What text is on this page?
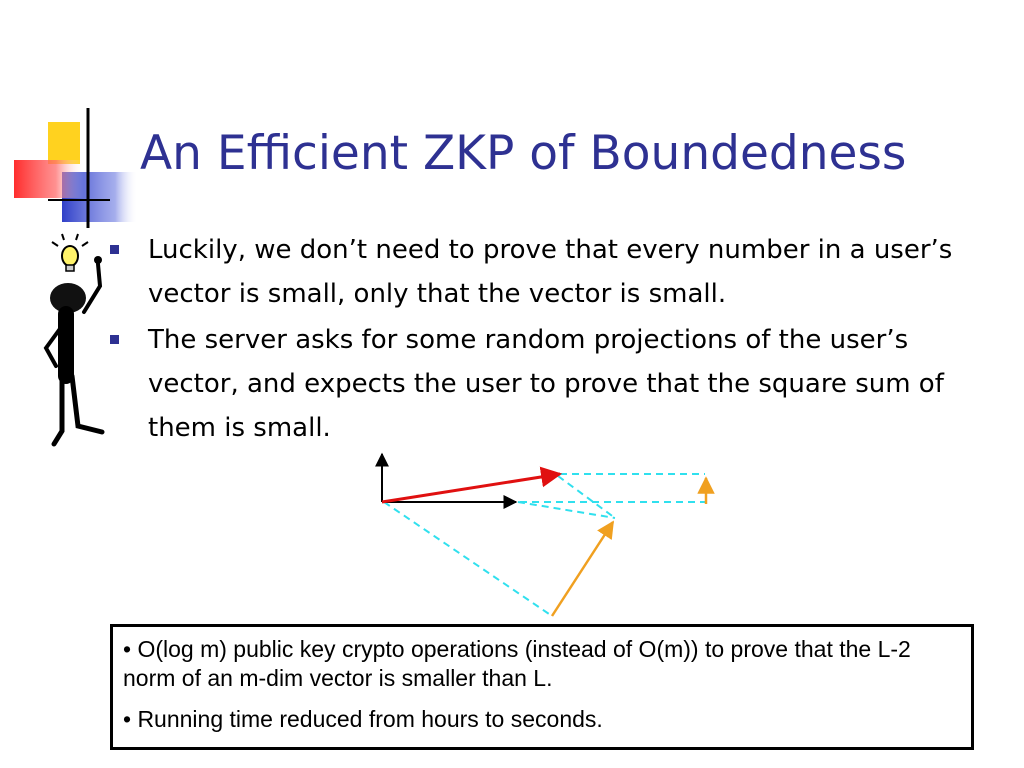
An Efficient ZKP of Boundedness
Luckily, we don’t need to prove that every number in a user’s vector is small, only that the vector is small.
The server asks for some random projections of the user’s vector, and expects the user to prove that the square sum of them is small.

• O(log m) public key crypto operations (instead of O(m)) to prove that the L-2 norm of an m-dim vector is smaller than L.

• Running time reduced from hours to seconds.
